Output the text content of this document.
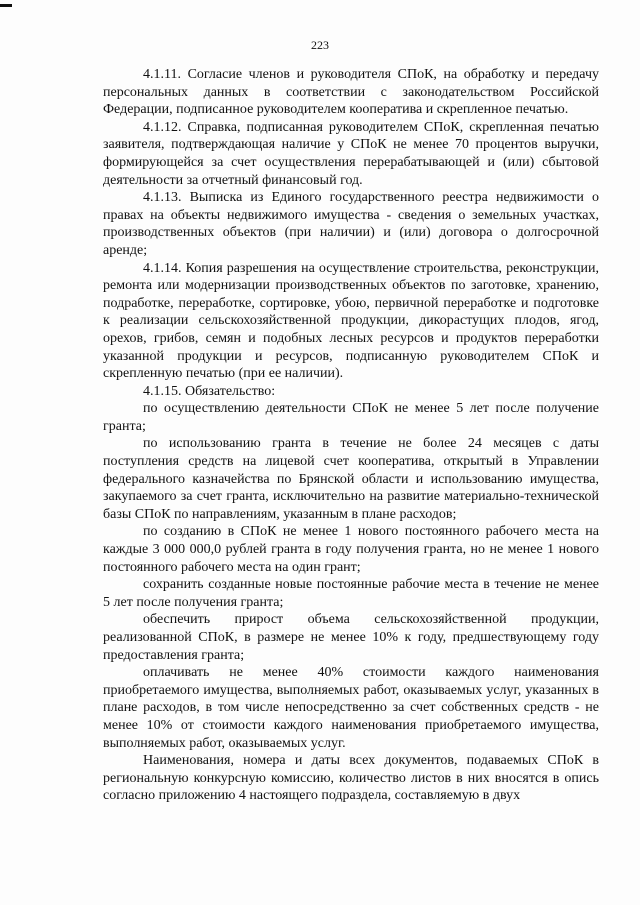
223

4.1.11. Согласие членов и руководителя СПоК, на обработку и передачу персональных данных в соответствии с законодательством Российской Федерации, подписанное руководителем кооператива и скрепленное печатью.

4.1.12. Справка, подписанная руководителем СПоК, скрепленная печатью заявителя, подтверждающая наличие у СПоК не менее 70 процентов выручки, формирующейся за счет осуществления перерабатывающей и (или) сбытовой деятельности за отчетный финансовый год.

4.1.13. Выписка из Единого государственного реестра недвижимости о правах на объекты недвижимого имущества - сведения о земельных участках, производственных объектов (при наличии) и (или) договора о долгосрочной аренде;

4.1.14. Копия разрешения на осуществление строительства, реконструкции, ремонта или модернизации производственных объектов по заготовке, хранению, подработке, переработке, сортировке, убою, первичной переработке и подготовке к реализации сельскохозяйственной продукции, дикорастущих плодов, ягод, орехов, грибов, семян и подобных лесных ресурсов и продуктов переработки указанной продукции и ресурсов, подписанную руководителем СПоК и скрепленную печатью (при ее наличии).

4.1.15. Обязательство:

по осуществлению деятельности СПоК не менее 5 лет после получение гранта;

по использованию гранта в течение не более 24 месяцев с даты поступления средств на лицевой счет кооператива, открытый в Управлении федерального казначейства по Брянской области и использованию имущества, закупаемого за счет гранта, исключительно на развитие материально-технической базы СПоК по направлениям, указанным в плане расходов;

по созданию в СПоК не менее 1 нового постоянного рабочего места на каждые 3 000 000,0 рублей гранта в году получения гранта, но не менее 1 нового постоянного рабочего места на один грант;

сохранить созданные новые постоянные рабочие места в течение не менее 5 лет после получения гранта;

обеспечить прирост объема сельскохозяйственной продукции, реализованной СПоК, в размере не менее 10% к году, предшествующему году предоставления гранта;

оплачивать не менее 40% стоимости каждого наименования приобретаемого имущества, выполняемых работ, оказываемых услуг, указанных в плане расходов, в том числе непосредственно за счет собственных средств - не менее 10% от стоимости каждого наименования приобретаемого имущества, выполняемых работ, оказываемых услуг.

Наименования, номера и даты всех документов, подаваемых СПоК в региональную конкурсную комиссию, количество листов в них вносятся в опись согласно приложению 4 настоящего подраздела, составляемую в двух
